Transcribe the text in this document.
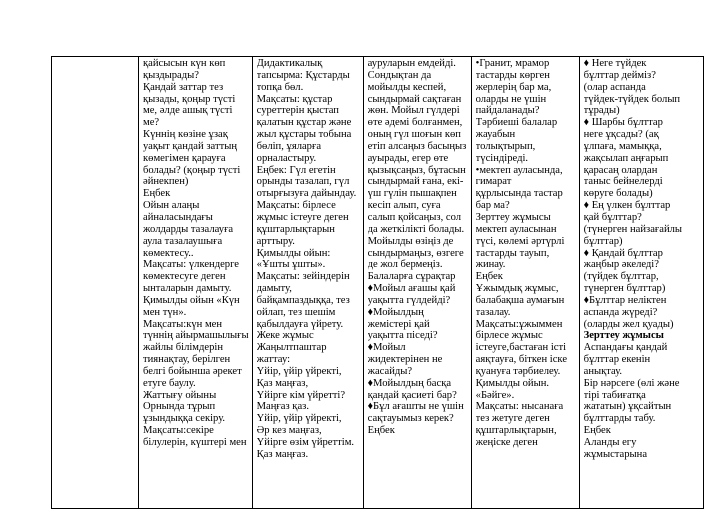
қайсысын күн көп
қыздырады?
Қандай заттар тез
қызады, қоңыр түсті
ме, әлде ашық түсті
ме?
Күннің көзіне ұзақ
уақыт қандай заттың
көмегімен қарауға
болады? (қоңыр түсті
әйнекпен)
Еңбек
Ойын алаңы
айналасындағы
жолдарды тазалауға
аула тазалаушыға
көмектесу..
Мақсаты: үлкендерге
көмектесуге деген
ынталарын дамыту.
Қимылды ойын «Күн
мен түн».
Мақсаты:күн мен
түннің айырмашылығы
жайлы білімдерін
тиянақтау, берілген
белгі бойынша әрекет
етуге баулу.
Жаттығу ойыны
Орнында тұрып
ұзындыққа секіру.
Мақсаты:секіре
білулерін, күштері мен

Дидактикалық
тапсырма: Құстарды
топқа бөл.
Мақсаты: құстар
суреттерін қыстап
қалатын құстар және
жыл құстары тобына
бөліп, ұяларға
орналастыру.
Еңбек: Гүл егетін
орынды тазалап, гүл
отырғызуға дайындау.
Мақсаты: бірлесе
жұмыс істеуге деген
құштарлықтарын
арттыру.
Қимылды ойын:
«Ұшты ұшты».
Мақсаты: зейіндерін
дамыту,
байқампаздыққа, тез
ойлап, тез шешім
қабылдауға үйрету.
Жеке жұмыс
Жаңылтпаштар
жаттау:
Үйір, үйір үйректі,
Қаз маңғаз,
Үйірге кім үйретті?
Маңғаз қаз.
Үйір, үйір үйректі,
Әр кез маңғаз,
Үйірге өзім үйреттім.
Қаз маңғаз.

ауруларын емдейді.
Сондықтан да
мойылды кеспей,
сындырмай сақтаған
жөн. Мойыл гүлдері
өте әдемі болғанмен,
оның гүл шоғын көп
етіп алсаңыз басыңыз
ауырады, егер өте
қызықсаңыз, бұтасын
сындырмай ғана, екі-
үш гүлін пышақпен
кесіп алып, суға
салып қойсаңыз, сол
да жеткілікті болады.
Мойылды өзіңіз де
сындырмаңыз, өзгеге
де жол бермеңіз.
Балаларға сұрақтар
♦Мойыл ағашы қай
уақытта гүлдейді?
♦Мойылдың
жемістері қай
уақытта піседі?
♦Мойыл
жидектерінен не
жасайды?
♦Мойылдың басқа
қандай қасиеті бар?
♦Бұл ағашты не үшін
сақтауымыз керек?
Еңбек

•Гранит, мрамор
тастарды көрген
жерлерің бар ма,
оларды не үшін
пайдаланады?
Тәрбиеші балалар
жауабын
толықтырып,
түсіндіреді.
•мектеп ауласында,
гимарат
құрлысында тастар
бар ма?
Зерттеу жұмысы
мектеп ауласынан
түсі, көлемі әртүрлі
тастарды тауып,
жинау.
Еңбек
Ұжымдық жұмыс,
балабақша аумағын
тазалау.
Мақсаты:ұжыммен
бірлесе жұмыс
істеуге,бастаған істі
аяқтауға, біткен іске
қуануға тәрбиелеу.
Қимылды ойын.
«Бәйге».
Мақсаты: нысанаға
тез жетуге деген
құштарлықтарын,
жеңіске деген

♦ Неге түйдек
бұлттар дейміз?
(олар аспанда
түйдек-түйдек болып
тұрады)
♦ Шарбы бұлттар
неге ұқсады? (ақ
ұлпаға, мамыққа,
жақсылап аңғарып
қарасаң олардан
таныс бейнелерді
көруге болады)
♦ Ең үлкен бұлттар
қай бұлттар?
(түнерген найзағайлы
бұлттар)
♦ Қандай бұлттар
жаңбыр әкеледі?
(түйдек бұлттар,
түнерген бұлттар)
♦Бұлттар неліктен
аспанда жүреді?
(оларды жел қуады)
Зерттеу жұмысы
Аспандағы қандай
бұлттар екенін
анықтау.
Бір нәрсеге (өлі және
тірі табиғатқа
жататын) ұқсайтын
бұлттарды табу.
Еңбек
Аланды егу
жұмыстарына
